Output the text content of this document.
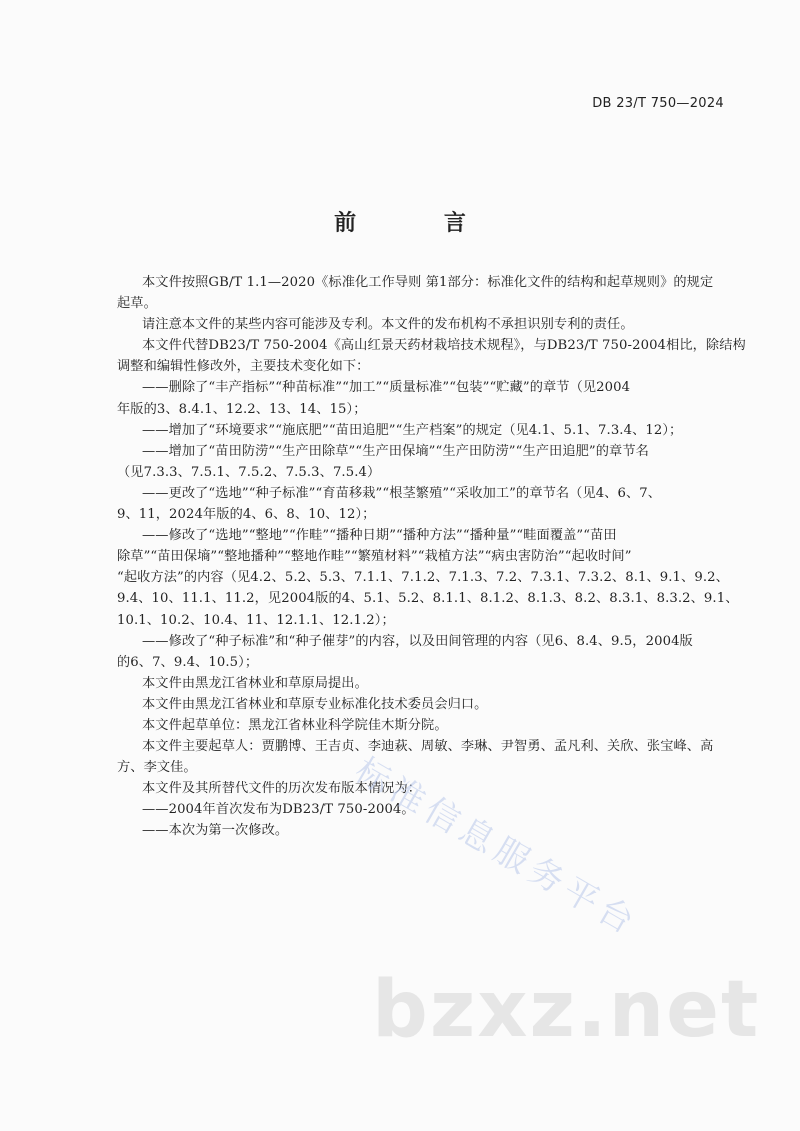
DB 23/T 750—2024
前 言
本文件按照GB/T 1.1—2020《标准化工作导则 第1部分：标准化文件的结构和起草规则》的规定
起草。
请注意本文件的某些内容可能涉及专利。本文件的发布机构不承担识别专利的责任。
本文件代替DB23/T 750-2004《高山红景天药材栽培技术规程》，与DB23/T 750-2004相比，除结构
调整和编辑性修改外，主要技术变化如下：
——删除了“丰产指标”“种苗标准”“加工”“质量标准”“包装”“贮藏”的章节（见2004
年版的3、8.4.1、12.2、13、14、15）；
——增加了“环境要求”“施底肥”“苗田追肥”“生产档案”的规定（见4.1、5.1、7.3.4、12）；
——增加了“苗田防涝”“生产田除草”“生产田保墒”“生产田防涝”“生产田追肥”的章节名
（见7.3.3、7.5.1、7.5.2、7.5.3、7.5.4）
——更改了“选地”“种子标准”“育苗移栽”“根茎繁殖”“采收加工”的章节名（见4、6、7、
9、11，2024年版的4、6、8、10、12）；
——修改了“选地”“整地”“作畦”“播种日期”“播种方法”“播种量”“畦面覆盖”“苗田
除草”“苗田保墒”“整地播种”“整地作畦”“繁殖材料”“栽植方法”“病虫害防治”“起收时间”
“起收方法”的内容（见4.2、5.2、5.3、7.1.1、7.1.2、7.1.3、7.2、7.3.1、7.3.2、8.1、9.1、9.2、
9.4、10、11.1、11.2，见2004版的4、5.1、5.2、8.1.1、8.1.2、8.1.3、8.2、8.3.1、8.3.2、9.1、
10.1、10.2、10.4、11、12.1.1、12.1.2）；
——修改了“种子标准”和“种子催芽”的内容，以及田间管理的内容（见6、8.4、9.5，2004版
的6、7、9.4、10.5）；
本文件由黑龙江省林业和草原局提出。
本文件由黑龙江省林业和草原专业标准化技术委员会归口。
本文件起草单位：黑龙江省林业科学院佳木斯分院。
本文件主要起草人：贾鹏博、王吉贞、李迪萩、周敏、李琳、尹智勇、孟凡利、关欣、张宝峰、高
方、李文佳。
本文件及其所替代文件的历次发布版本情况为：
——2004年首次发布为DB23/T 750-2004。
——本次为第一次修改。	标准信息服务平台
bzxz.net
